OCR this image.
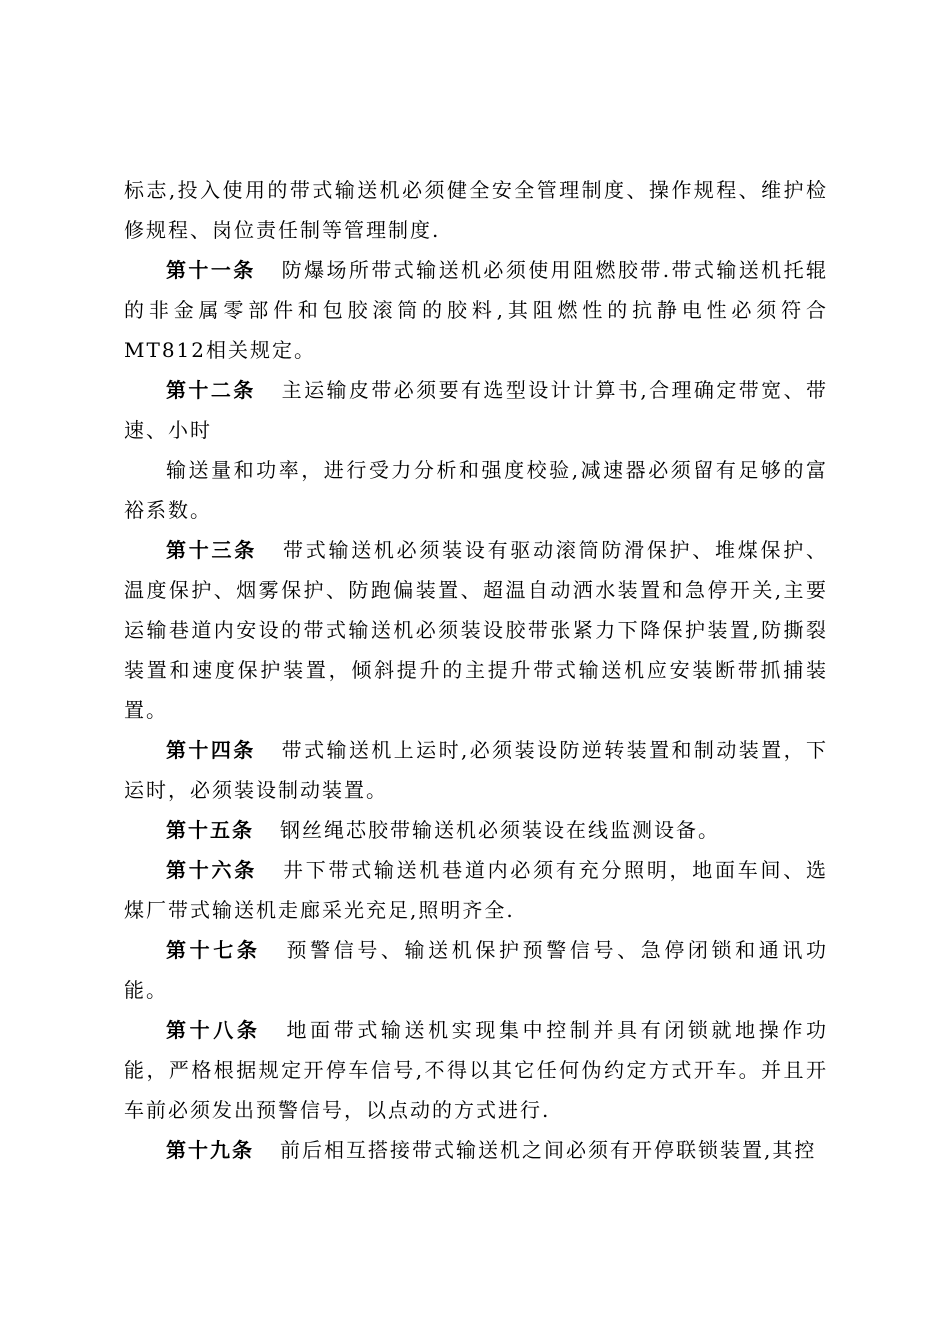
标志,投入使用的带式输送机必须健全安全管理制度、操作规程、维护检修规程、岗位责任制等管理制度.

第十一条 防爆场所带式输送机必须使用阻燃胶带.带式输送机托辊的非金属零部件和包胶滚筒的胶料,其阻燃性的抗静电性必须符合MT812相关规定。

第十二条 主运输皮带必须要有选型设计计算书,合理确定带宽、带速、小时

输送量和功率，进行受力分析和强度校验,减速器必须留有足够的富裕系数。

第十三条 带式输送机必须装设有驱动滚筒防滑保护、堆煤保护、温度保护、烟雾保护、防跑偏装置、超温自动洒水装置和急停开关,主要运输巷道内安设的带式输送机必须装设胶带张紧力下降保护装置,防撕裂装置和速度保护装置，倾斜提升的主提升带式输送机应安装断带抓捕装置。

第十四条 带式输送机上运时,必须装设防逆转装置和制动装置，下运时，必须装设制动装置。

第十五条 钢丝绳芯胶带输送机必须装设在线监测设备。

第十六条 井下带式输送机巷道内必须有充分照明，地面车间、选煤厂带式输送机走廊采光充足,照明齐全.

第十七条 预警信号、输送机保护预警信号、急停闭锁和通讯功能。

第十八条 地面带式输送机实现集中控制并具有闭锁就地操作功能，严格根据规定开停车信号,不得以其它任何伪约定方式开车。并且开车前必须发出预警信号，以点动的方式进行.

第十九条 前后相互搭接带式输送机之间必须有开停联锁装置,其控
